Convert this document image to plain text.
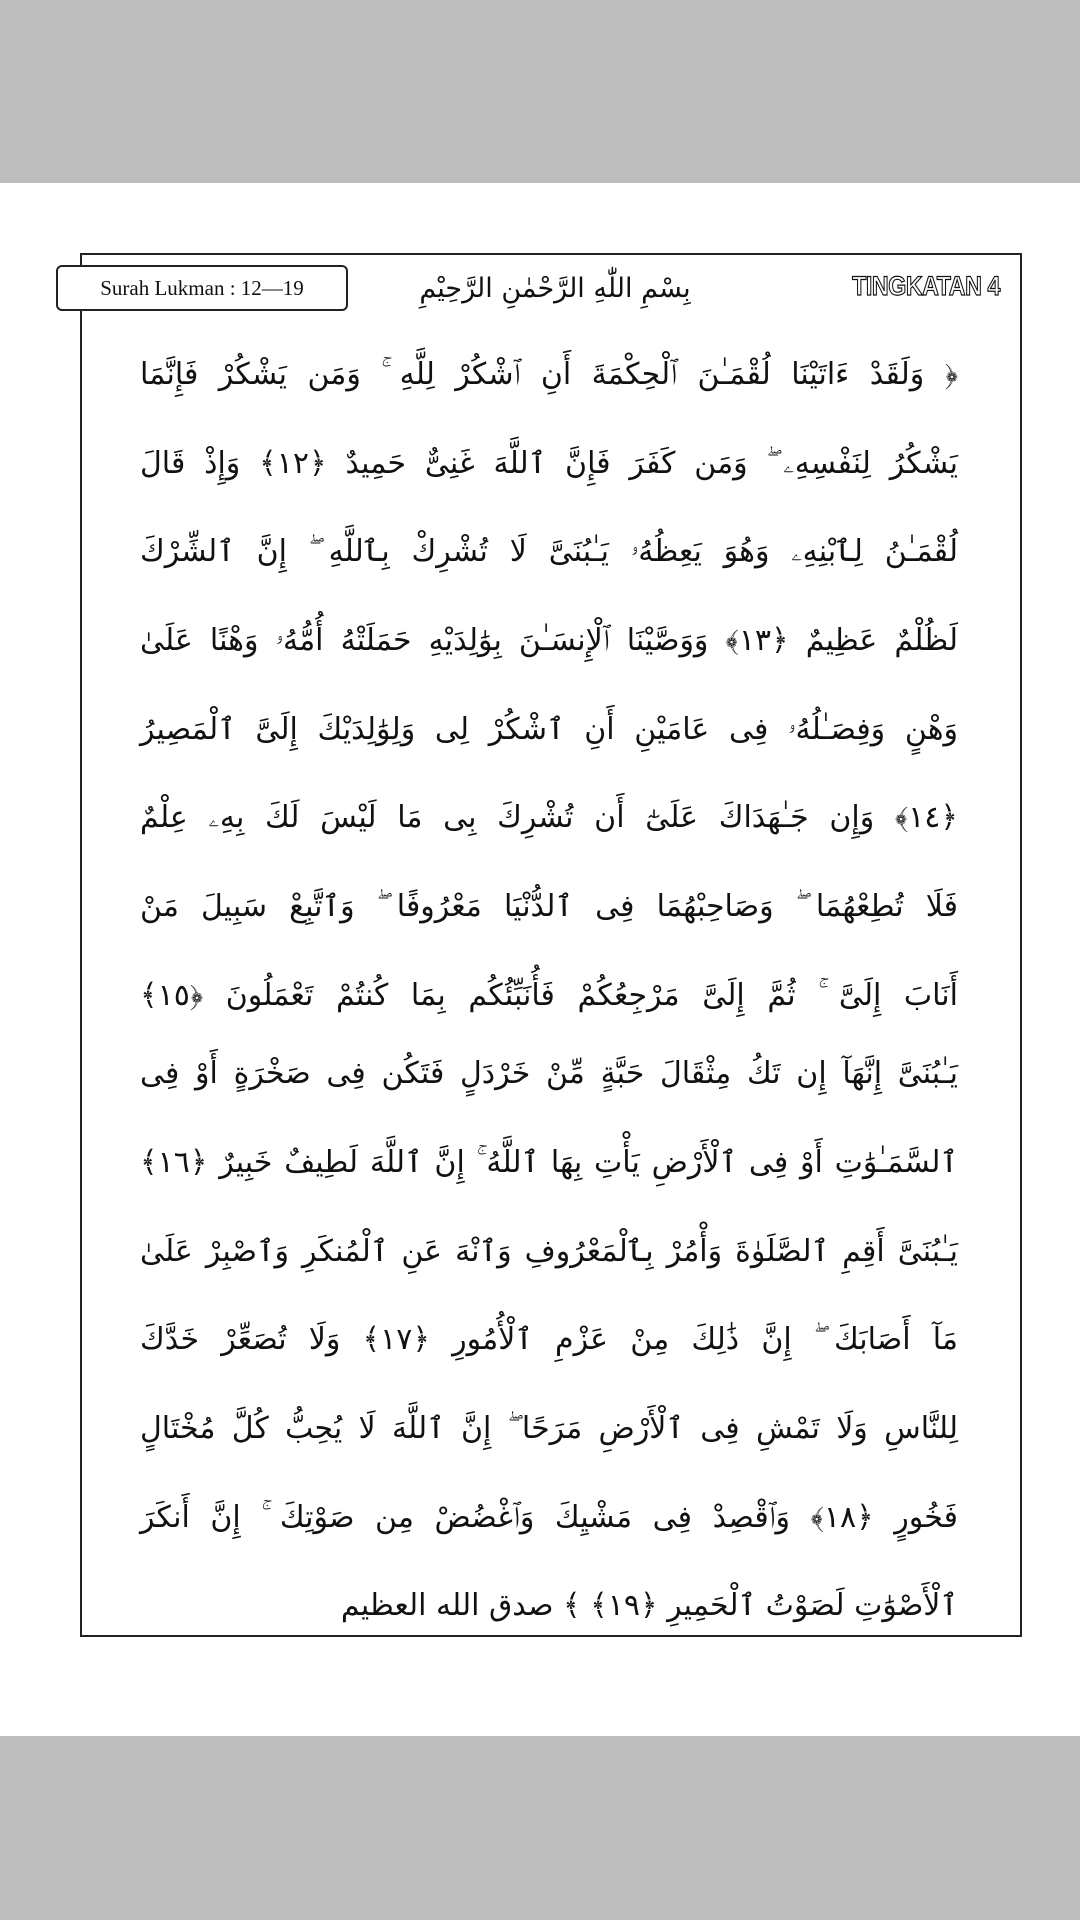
Surah Lukman : 12—19	بِسْمِ اللّٰهِ الرَّحْمٰنِ الرَّحِيْمِ	TINGKATAN 4
﴿ وَلَقَدْ ءَاتَيْنَا لُقْمَـٰنَ ٱلْحِكْمَةَ أَنِ ٱشْكُرْ لِلَّهِ ۚ وَمَن يَشْكُرْ فَإِنَّمَا
يَشْكُرُ لِنَفْسِهِۦ ۖ وَمَن كَفَرَ فَإِنَّ ٱللَّهَ غَنِىٌّ حَمِيدٌ ﴿١٢﴾ وَإِذْ قَالَ
لُقْمَـٰنُ لِٱبْنِهِۦ وَهُوَ يَعِظُهُۥ يَـٰبُنَىَّ لَا تُشْرِكْ بِٱللَّهِ ۖ إِنَّ ٱلشِّرْكَ
لَظُلْمٌ عَظِيمٌ ﴿١٣﴾ وَوَصَّيْنَا ٱلْإِنسَـٰنَ بِوَٰلِدَيْهِ حَمَلَتْهُ أُمُّهُۥ وَهْنًا عَلَىٰ
وَهْنٍ وَفِصَـٰلُهُۥ فِى عَامَيْنِ أَنِ ٱشْكُرْ لِى وَلِوَٰلِدَيْكَ إِلَىَّ ٱلْمَصِيرُ
﴿١٤﴾ وَإِن جَـٰهَدَاكَ عَلَىٰٓ أَن تُشْرِكَ بِى مَا لَيْسَ لَكَ بِهِۦ عِلْمٌ
فَلَا تُطِعْهُمَا ۖ وَصَاحِبْهُمَا فِى ٱلدُّنْيَا مَعْرُوفًا ۖ وَٱتَّبِعْ سَبِيلَ مَنْ
أَنَابَ إِلَىَّ ۚ ثُمَّ إِلَىَّ مَرْجِعُكُمْ فَأُنَبِّئُكُم بِمَا كُنتُمْ تَعْمَلُونَ ﴿١٥﴾
يَـٰبُنَىَّ إِنَّهَآ إِن تَكُ مِثْقَالَ حَبَّةٍ مِّنْ خَرْدَلٍ فَتَكُن فِى صَخْرَةٍ أَوْ فِى
ٱلسَّمَـٰوَٰتِ أَوْ فِى ٱلْأَرْضِ يَأْتِ بِهَا ٱللَّهُ ۚ إِنَّ ٱللَّهَ لَطِيفٌ خَبِيرٌ ﴿١٦﴾
يَـٰبُنَىَّ أَقِمِ ٱلصَّلَوٰةَ وَأْمُرْ بِٱلْمَعْرُوفِ وَٱنْهَ عَنِ ٱلْمُنكَرِ وَٱصْبِرْ عَلَىٰ
مَآ أَصَابَكَ ۖ إِنَّ ذَٰلِكَ مِنْ عَزْمِ ٱلْأُمُورِ ﴿١٧﴾ وَلَا تُصَعِّرْ خَدَّكَ
لِلنَّاسِ وَلَا تَمْشِ فِى ٱلْأَرْضِ مَرَحًا ۖ إِنَّ ٱللَّهَ لَا يُحِبُّ كُلَّ مُخْتَالٍ
فَخُورٍ ﴿١٨﴾ وَٱقْصِدْ فِى مَشْيِكَ وَٱغْضُضْ مِن صَوْتِكَ ۚ إِنَّ أَنكَرَ
ٱلْأَصْوَٰتِ لَصَوْتُ ٱلْحَمِيرِ ﴿١٩﴾ ﴾ صدق الله العظيم
